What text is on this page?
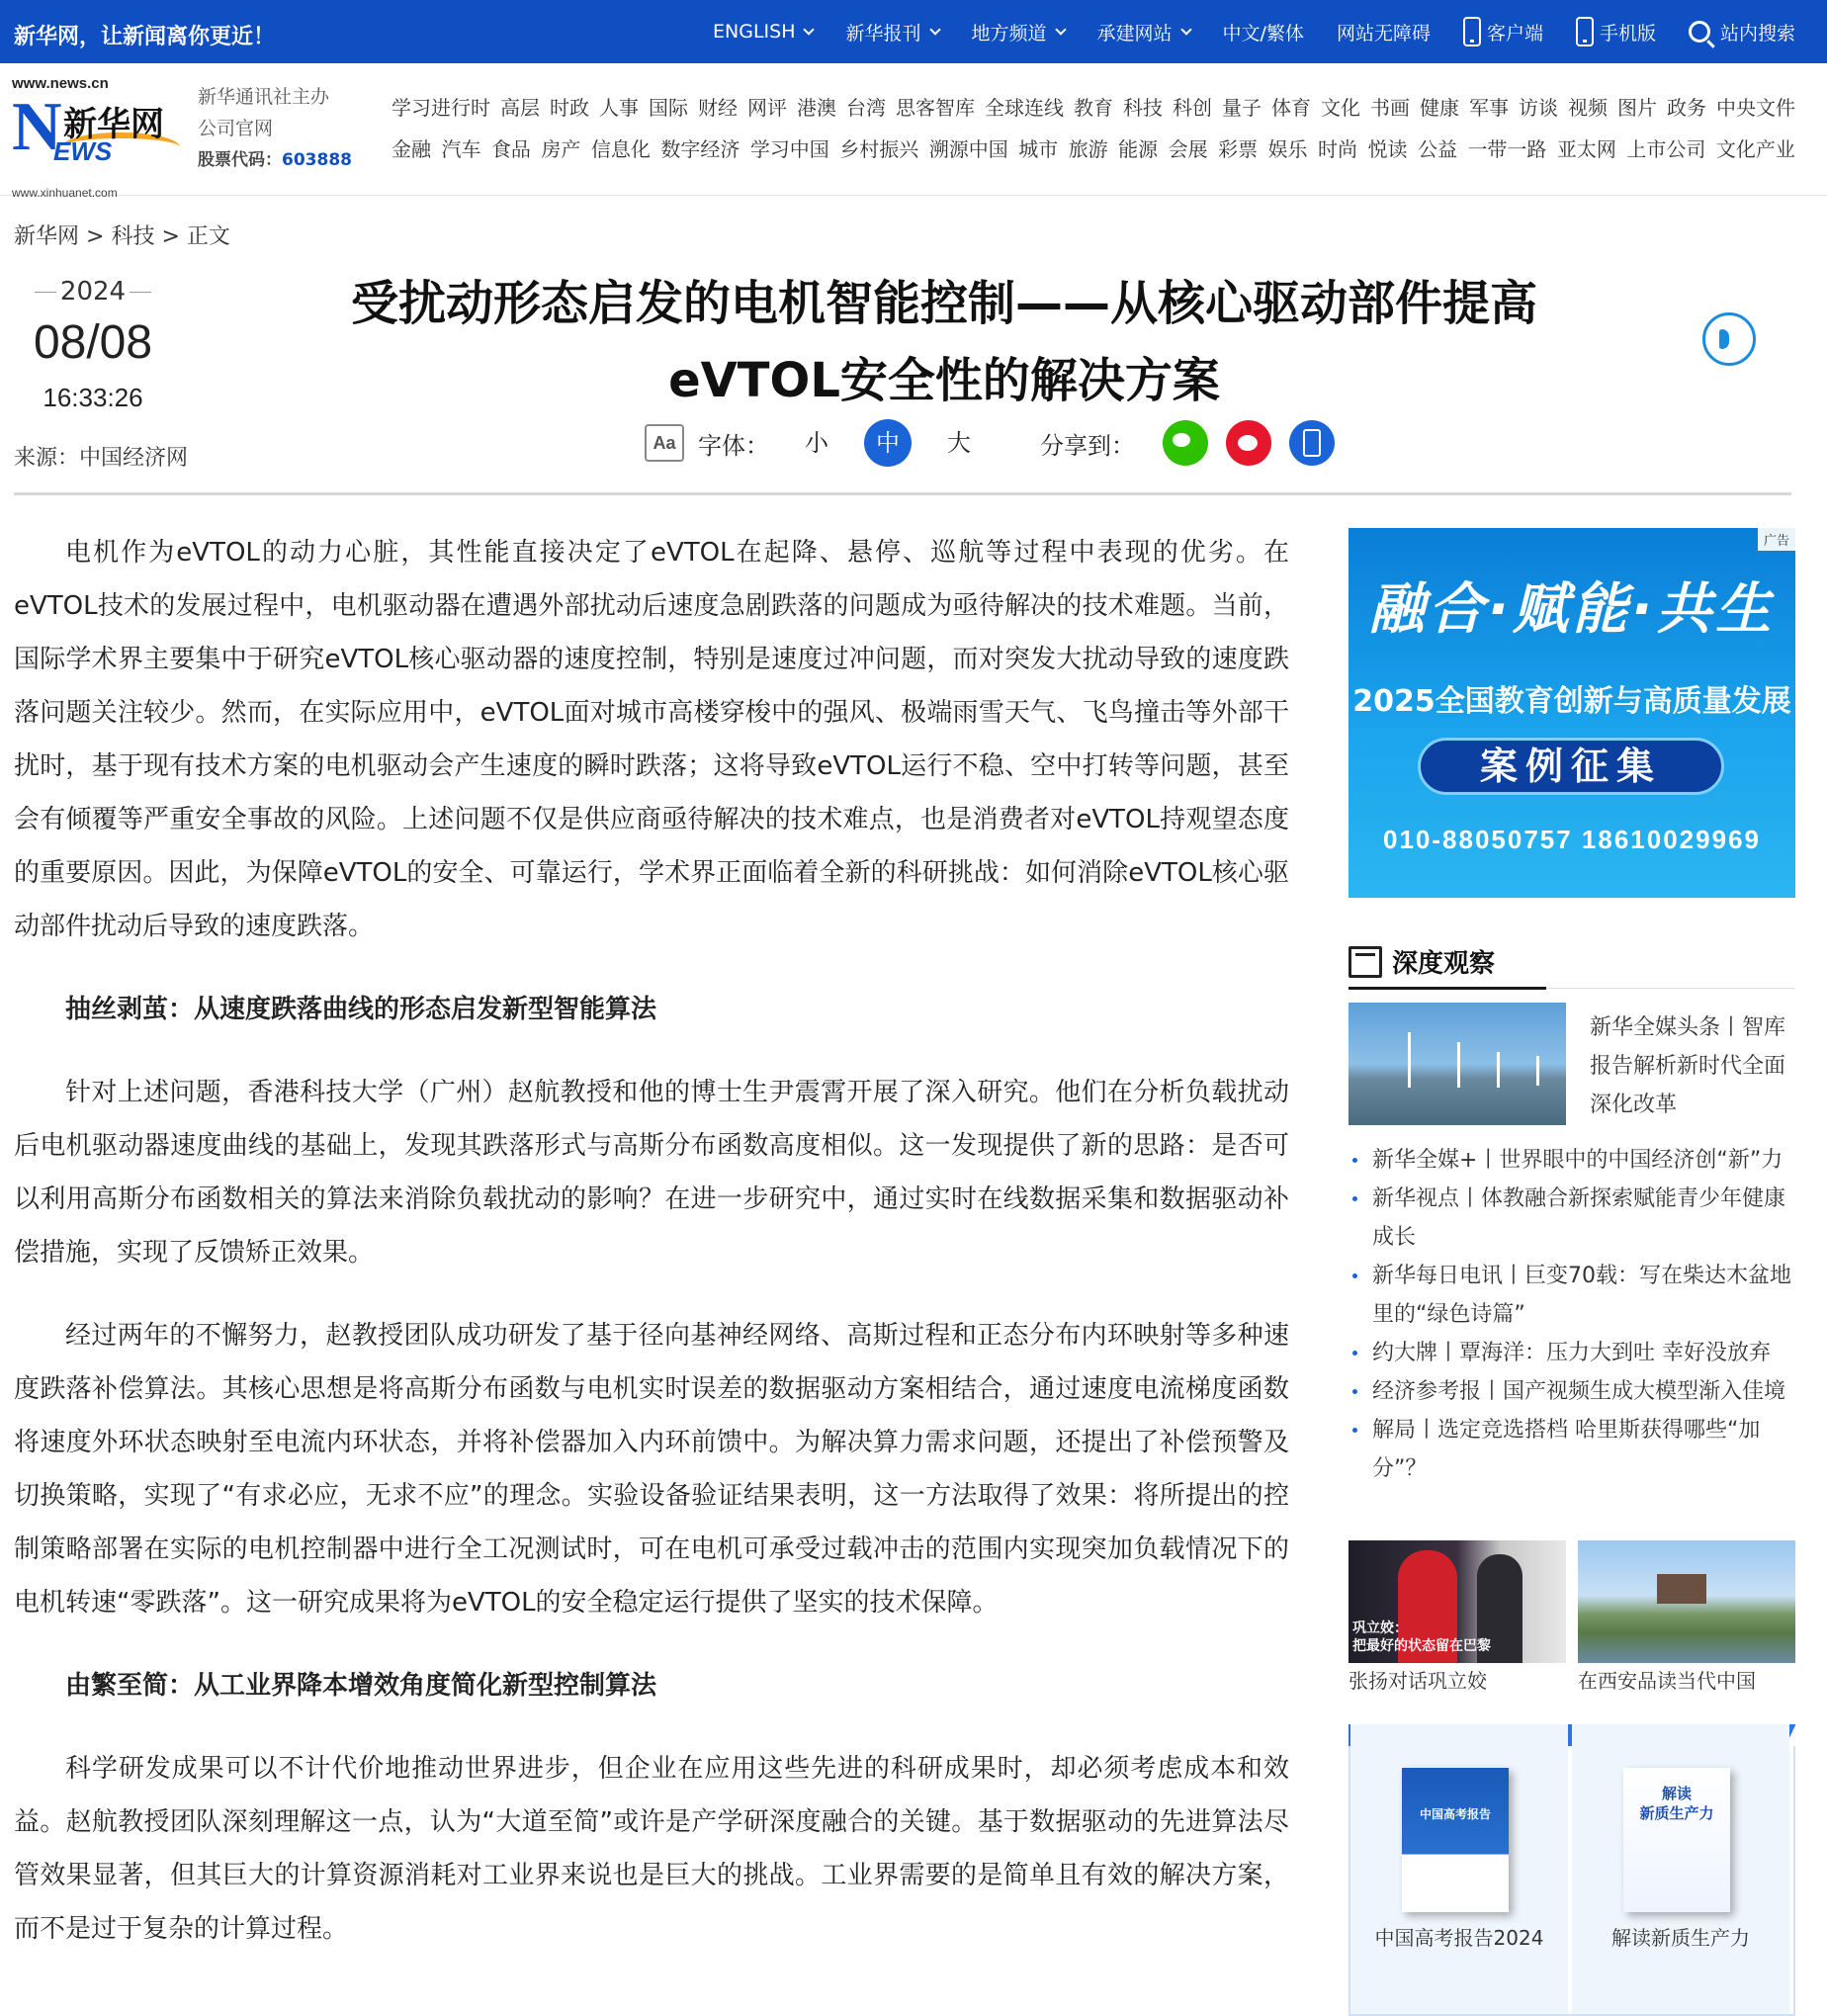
新华网，让新闻离你更近！	ENGLISH	新华报刊	地方频道	承建网站	中文/繁体 网站无障碍	客户端	手机版	站内搜索
www.news.cn
N 新华网
EWS
www.xinhuanet.com
新华通讯社主办
公司官网
股票代码：603888
学习进行时 高层 时政 人事 国际 财经 网评 港澳 台湾 思客智库 全球连线 教育 科技 科创 量子 体育 文化 书画 健康 军事 访谈 视频 图片 政务 中央文件
金融 汽车 食品 房产 信息化 数字经济 学习中国 乡村振兴 溯源中国 城市 旅游 能源 会展 彩票 娱乐 时尚 悦读 公益 一带一路 亚太网 上市公司 文化产业
新华网 > 科技 > 正文
2024
08/08
16:33:26
来源：中国经济网
受扰动形态启发的电机智能控制——从核心驱动部件提高
eVTOL安全性的解决方案
Aa 字体：	小	中	大	分享到：

电机作为eVTOL的动力心脏，其性能直接决定了eVTOL在起降、悬停、巡航等过程中表现的优劣。在eVTOL技术的发展过程中，电机驱动器在遭遇外部扰动后速度急剧跌落的问题成为亟待解决的技术难题。当前，国际学术界主要集中于研究eVTOL核心驱动器的速度控制，特别是速度过冲问题，而对突发大扰动导致的速度跌落问题关注较少。然而，在实际应用中，eVTOL面对城市高楼穿梭中的强风、极端雨雪天气、飞鸟撞击等外部干扰时，基于现有技术方案的电机驱动会产生速度的瞬时跌落；这将导致eVTOL运行不稳、空中打转等问题，甚至会有倾覆等严重安全事故的风险。上述问题不仅是供应商亟待解决的技术难点，也是消费者对eVTOL持观望态度的重要原因。因此，为保障eVTOL的安全、可靠运行，学术界正面临着全新的科研挑战：如何消除eVTOL核心驱动部件扰动后导致的速度跌落。

抽丝剥茧：从速度跌落曲线的形态启发新型智能算法

针对上述问题，香港科技大学（广州）赵航教授和他的博士生尹震霄开展了深入研究。他们在分析负载扰动后电机驱动器速度曲线的基础上，发现其跌落形式与高斯分布函数高度相似。这一发现提供了新的思路：是否可以利用高斯分布函数相关的算法来消除负载扰动的影响？在进一步研究中，通过实时在线数据采集和数据驱动补偿措施，实现了反馈矫正效果。

经过两年的不懈努力，赵教授团队成功研发了基于径向基神经网络、高斯过程和正态分布内环映射等多种速度跌落补偿算法。其核心思想是将高斯分布函数与电机实时误差的数据驱动方案相结合，通过速度电流梯度函数将速度外环状态映射至电流内环状态，并将补偿器加入内环前馈中。为解决算力需求问题，还提出了补偿预警及切换策略，实现了“有求必应，无求不应”的理念。实验设备验证结果表明，这一方法取得了效果：将所提出的控制策略部署在实际的电机控制器中进行全工况测试时，可在电机可承受过载冲击的范围内实现突加负载情况下的电机转速“零跌落”。这一研究成果将为eVTOL的安全稳定运行提供了坚实的技术保障。

由繁至简：从工业界降本增效角度简化新型控制算法

科学研发成果可以不计代价地推动世界进步，但企业在应用这些先进的科研成果时，却必须考虑成本和效益。赵航教授团队深刻理解这一点，认为“大道至简”或许是产学研深度融合的关键。基于数据驱动的先进算法尽管效果显著，但其巨大的计算资源消耗对工业界来说也是巨大的挑战。工业界需要的是简单且有效的解决方案，而不是过于复杂的计算过程。

广告
融合·赋能·共生
2025全国教育创新与高质量发展
案例征集
010-88050757 18610029969
深度观察
新华全媒头条丨智库报告解析新时代全面深化改革
新华全媒+丨世界眼中的中国经济创“新”力
新华视点丨体教融合新探索赋能青少年健康成长
新华每日电讯丨巨变70载：写在柴达木盆地里的“绿色诗篇”
约大牌丨覃海洋：压力大到吐 幸好没放弃
经济参考报丨国产视频生成大模型渐入佳境
解局丨选定竞选搭档 哈里斯获得哪些“加分”？
巩立姣：
把最好的状态留在巴黎
张扬对话巩立姣	在西安品读当代中国
中国高考报告
中国高考报告2024
解读
新质生产力
解读新质生产力
